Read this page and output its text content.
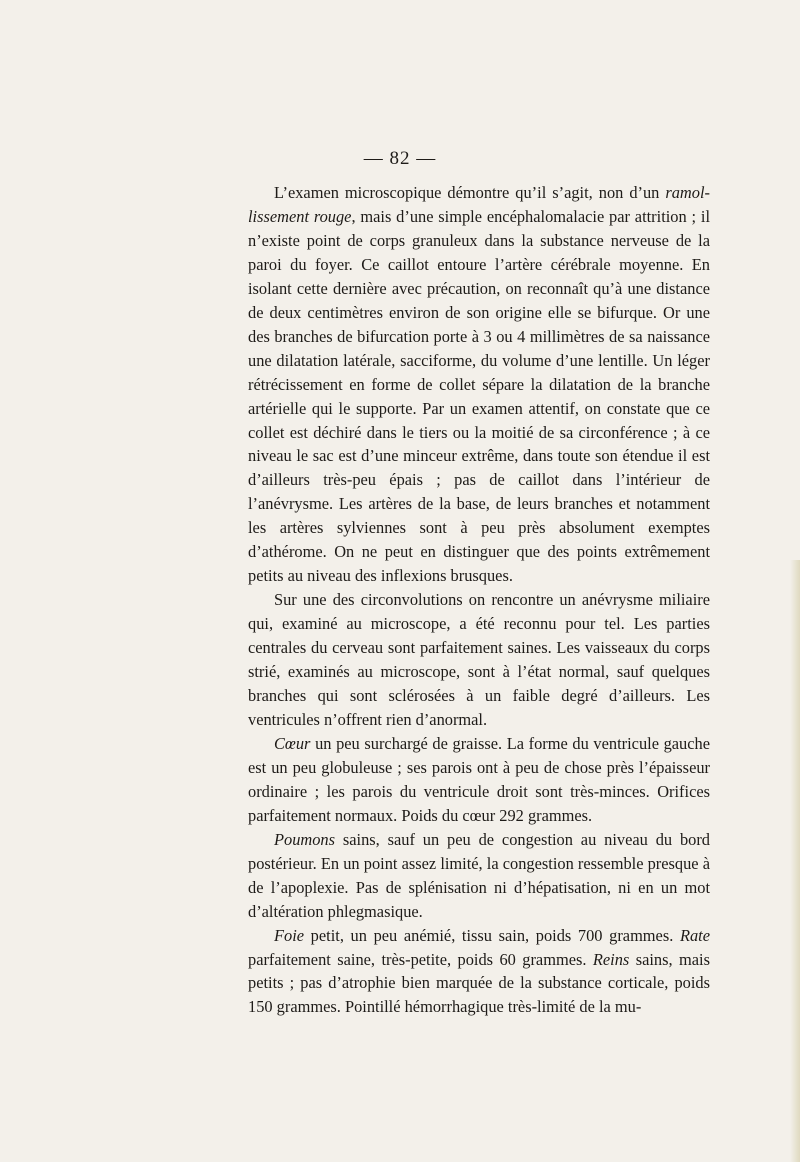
— 82 —

L’examen microscopique démontre qu’il s’agit, non d’un ramollissement rouge, mais d’une simple encéphalomalacie par attrition ; il n’existe point de corps granuleux dans la substance nerveuse de la paroi du foyer. Ce caillot entoure l’artère cérébrale moyenne. En isolant cette dernière avec précaution, on reconnaît qu’à une distance de deux centimètres environ de son origine elle se bifurque. Or une des branches de bifurcation porte à 3 ou 4 millimètres de sa naissance une dilatation latérale, sacciforme, du volume d’une lentille. Un léger rétrécissement en forme de collet sépare la dilatation de la branche artérielle qui le supporte. Par un examen attentif, on constate que ce collet est déchiré dans le tiers ou la moitié de sa circonférence ; à ce niveau le sac est d’une minceur extrême, dans toute son étendue il est d’ailleurs très-peu épais ; pas de caillot dans l’intérieur de l’anévrysme. Les artères de la base, de leurs branches et notamment les artères sylviennes sont à peu près absolument exemptes d’athérome. On ne peut en distinguer que des points extrêmement petits au niveau des inflexions brusques.

Sur une des circonvolutions on rencontre un anévrysme miliaire qui, examiné au microscope, a été reconnu pour tel. Les parties centrales du cerveau sont parfaitement saines. Les vaisseaux du corps strié, examinés au microscope, sont à l’état normal, sauf quelques branches qui sont sclérosées à un faible degré d’ailleurs. Les ventricules n’offrent rien d’anormal.

Cœur un peu surchargé de graisse. La forme du ventricule gauche est un peu globuleuse ; ses parois ont à peu de chose près l’épaisseur ordinaire ; les parois du ventricule droit sont très-minces. Orifices parfaitement normaux. Poids du cœur 292 grammes.

Poumons sains, sauf un peu de congestion au niveau du bord postérieur. En un point assez limité, la congestion ressemble presque à de l’apoplexie. Pas de splénisation ni d’hépatisation, ni en un mot d’altération phlegmasique.

Foie petit, un peu anémié, tissu sain, poids 700 grammes. Rate parfaitement saine, très-petite, poids 60 grammes. Reins sains, mais petits ; pas d’atrophie bien marquée de la substance corticale, poids 150 grammes. Pointillé hémorrhagique très-limité de la mu-
